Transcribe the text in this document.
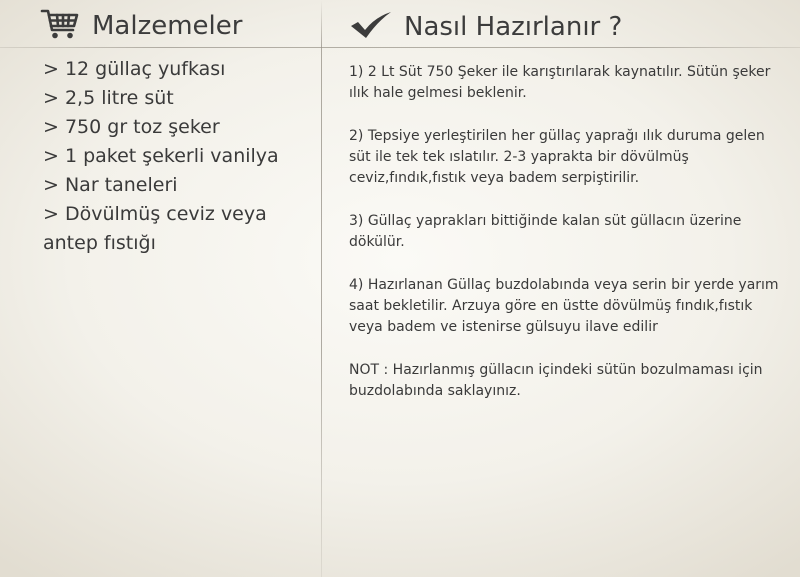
Malzemeler	Nasıl Hazırlanır ?
> 12 güllaç yufkası
> 2,5 litre süt
> 750 gr toz şeker
> 1 paket şekerli vanilya
> Nar taneleri
> Dövülmüş ceviz veya antep fıstığı

1) 2 Lt Süt 750 Şeker ile karıştırılarak kaynatılır. Sütün şeker ılık hale gelmesi beklenir.

2) Tepsiye yerleştirilen her güllaç yaprağı ılık duruma gelen süt ile tek tek ıslatılır. 2-3 yaprakta bir dövülmüş ceviz,fındık,fıstık veya badem serpiştirilir.

3) Güllaç yaprakları bittiğinde kalan süt güllacın üzerine dökülür.

4) Hazırlanan Güllaç buzdolabında veya serin bir yerde yarım saat bekletilir. Arzuya göre en üstte dövülmüş fındık,fıstık veya badem ve istenirse gülsuyu ilave edilir

NOT : Hazırlanmış güllacın içindeki sütün bozulmaması için buzdolabında saklayınız.
